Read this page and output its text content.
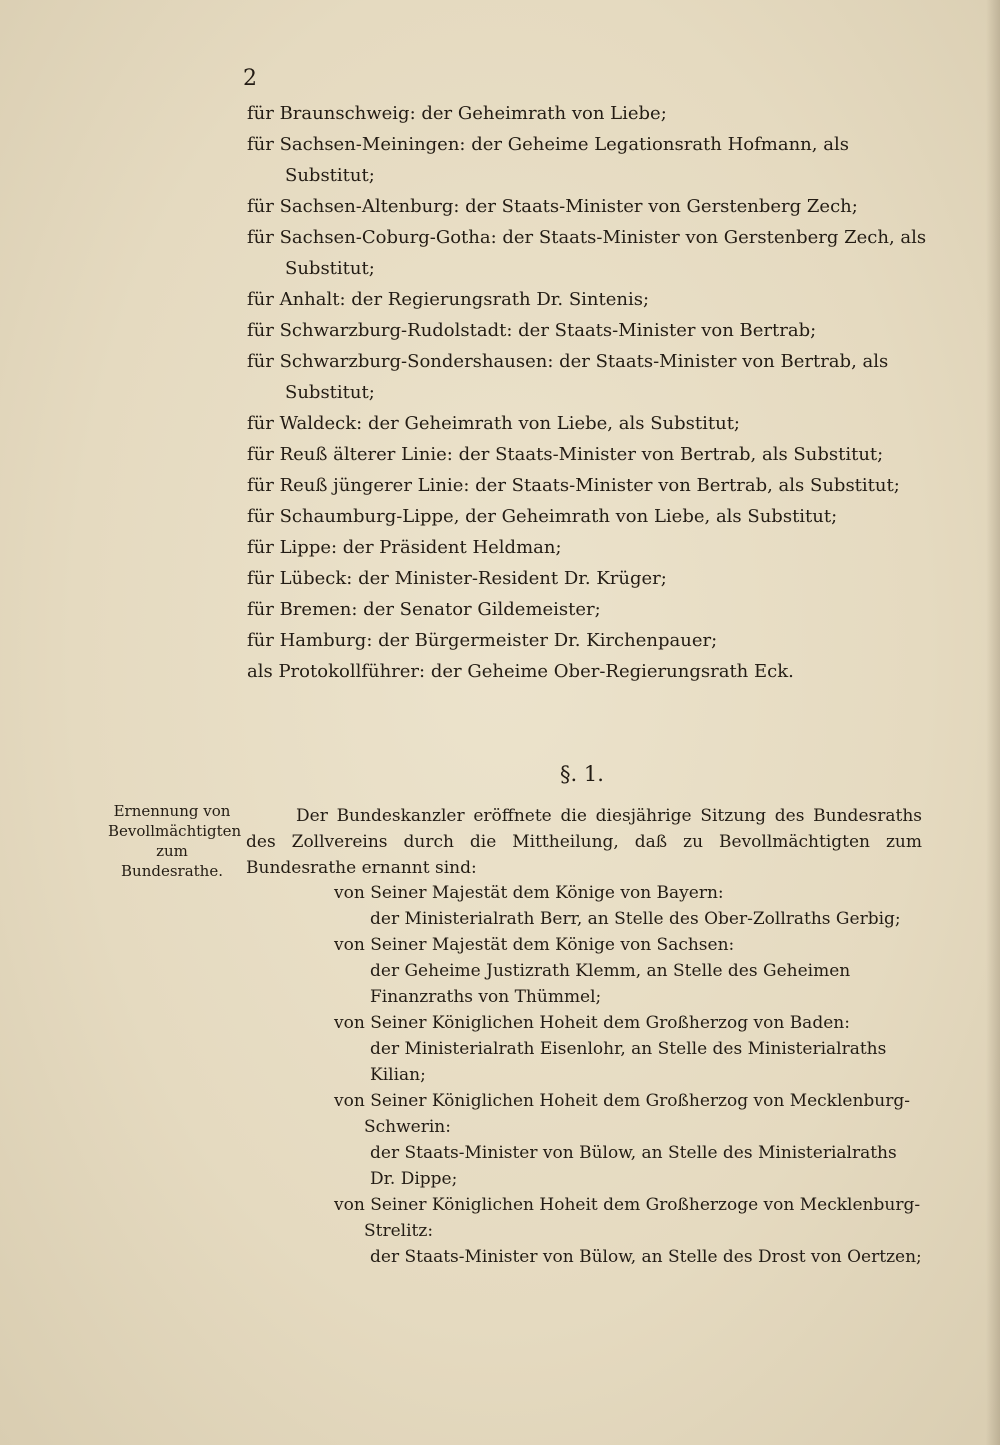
2
für Braunschweig: der Geheimrath von Liebe;
für Sachsen-Meiningen: der Geheime Legationsrath Hofmann, als Substitut;
für Sachsen-Altenburg: der Staats-Minister von Gerstenberg Zech;
für Sachsen-Coburg-Gotha: der Staats-Minister von Gerstenberg Zech, als Substitut;
für Anhalt: der Regierungsrath Dr. Sintenis;
für Schwarzburg-Rudolstadt: der Staats-Minister von Bertrab;
für Schwarzburg-Sondershausen: der Staats-Minister von Bertrab, als Substitut;
für Waldeck: der Geheimrath von Liebe, als Substitut;
für Reuß älterer Linie: der Staats-Minister von Bertrab, als Substitut;
für Reuß jüngerer Linie: der Staats-Minister von Bertrab, als Substitut;
für Schaumburg-Lippe, der Geheimrath von Liebe, als Substitut;
für Lippe: der Präsident Heldman;
für Lübeck: der Minister-Resident Dr. Krüger;
für Bremen: der Senator Gildemeister;
für Hamburg: der Bürgermeister Dr. Kirchenpauer;
als Protokollführer: der Geheime Ober-Regierungsrath Eck.
§. 1.
Ernennung von Bevollmächtigten zum Bundesrathe.

Der Bundeskanzler eröffnete die diesjährige Sitzung des Bundesraths des Zollvereins durch die Mittheilung, daß zu Bevollmächtigten zum Bundesrathe ernannt sind:

von Seiner Majestät dem Könige von Bayern:
der Ministerialrath Berr, an Stelle des Ober-Zollraths Gerbig;
von Seiner Majestät dem Könige von Sachsen:
der Geheime Justizrath Klemm, an Stelle des Geheimen Finanzraths von Thümmel;
von Seiner Königlichen Hoheit dem Großherzog von Baden:
der Ministerialrath Eisenlohr, an Stelle des Ministerialraths Kilian;
von Seiner Königlichen Hoheit dem Großherzog von Mecklenburg-Schwerin:
der Staats-Minister von Bülow, an Stelle des Ministerialraths Dr. Dippe;
von Seiner Königlichen Hoheit dem Großherzoge von Mecklenburg-Strelitz:
der Staats-Minister von Bülow, an Stelle des Drost von Oertzen;
